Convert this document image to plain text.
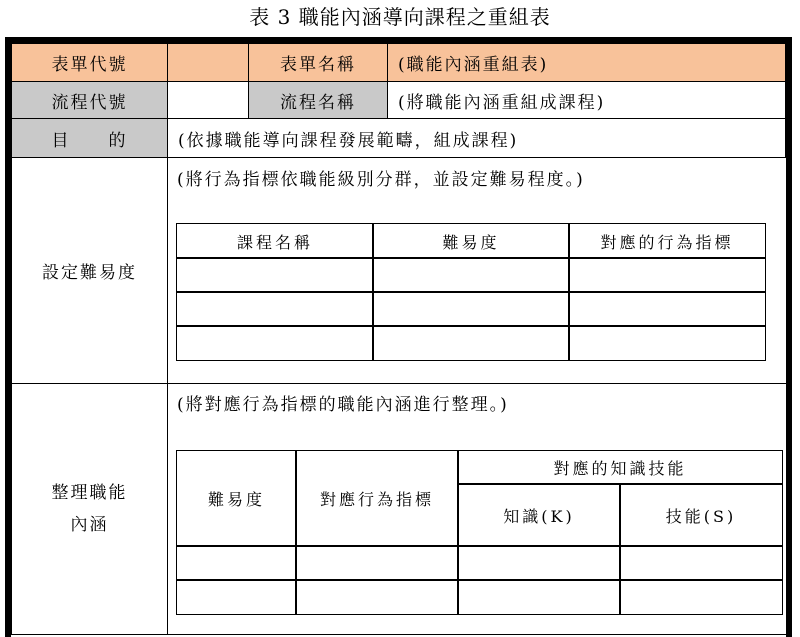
表 3 職能內涵導向課程之重組表
表單代號	表單名稱	(職能內涵重組表)
流程代號	流程名稱	(將職能內涵重組成課程)
目　　的	(依據職能導向課程發展範疇，組成課程)
設定難易度
(將行為指標依職能級別分群，並設定難易程度。)
課程名稱	難易度	對應的行為指標
整理職能
內涵
(將對應行為指標的職能內涵進行整理。)
難易度	對應行為指標
對應的知識技能
知識(K)	技能(S)
